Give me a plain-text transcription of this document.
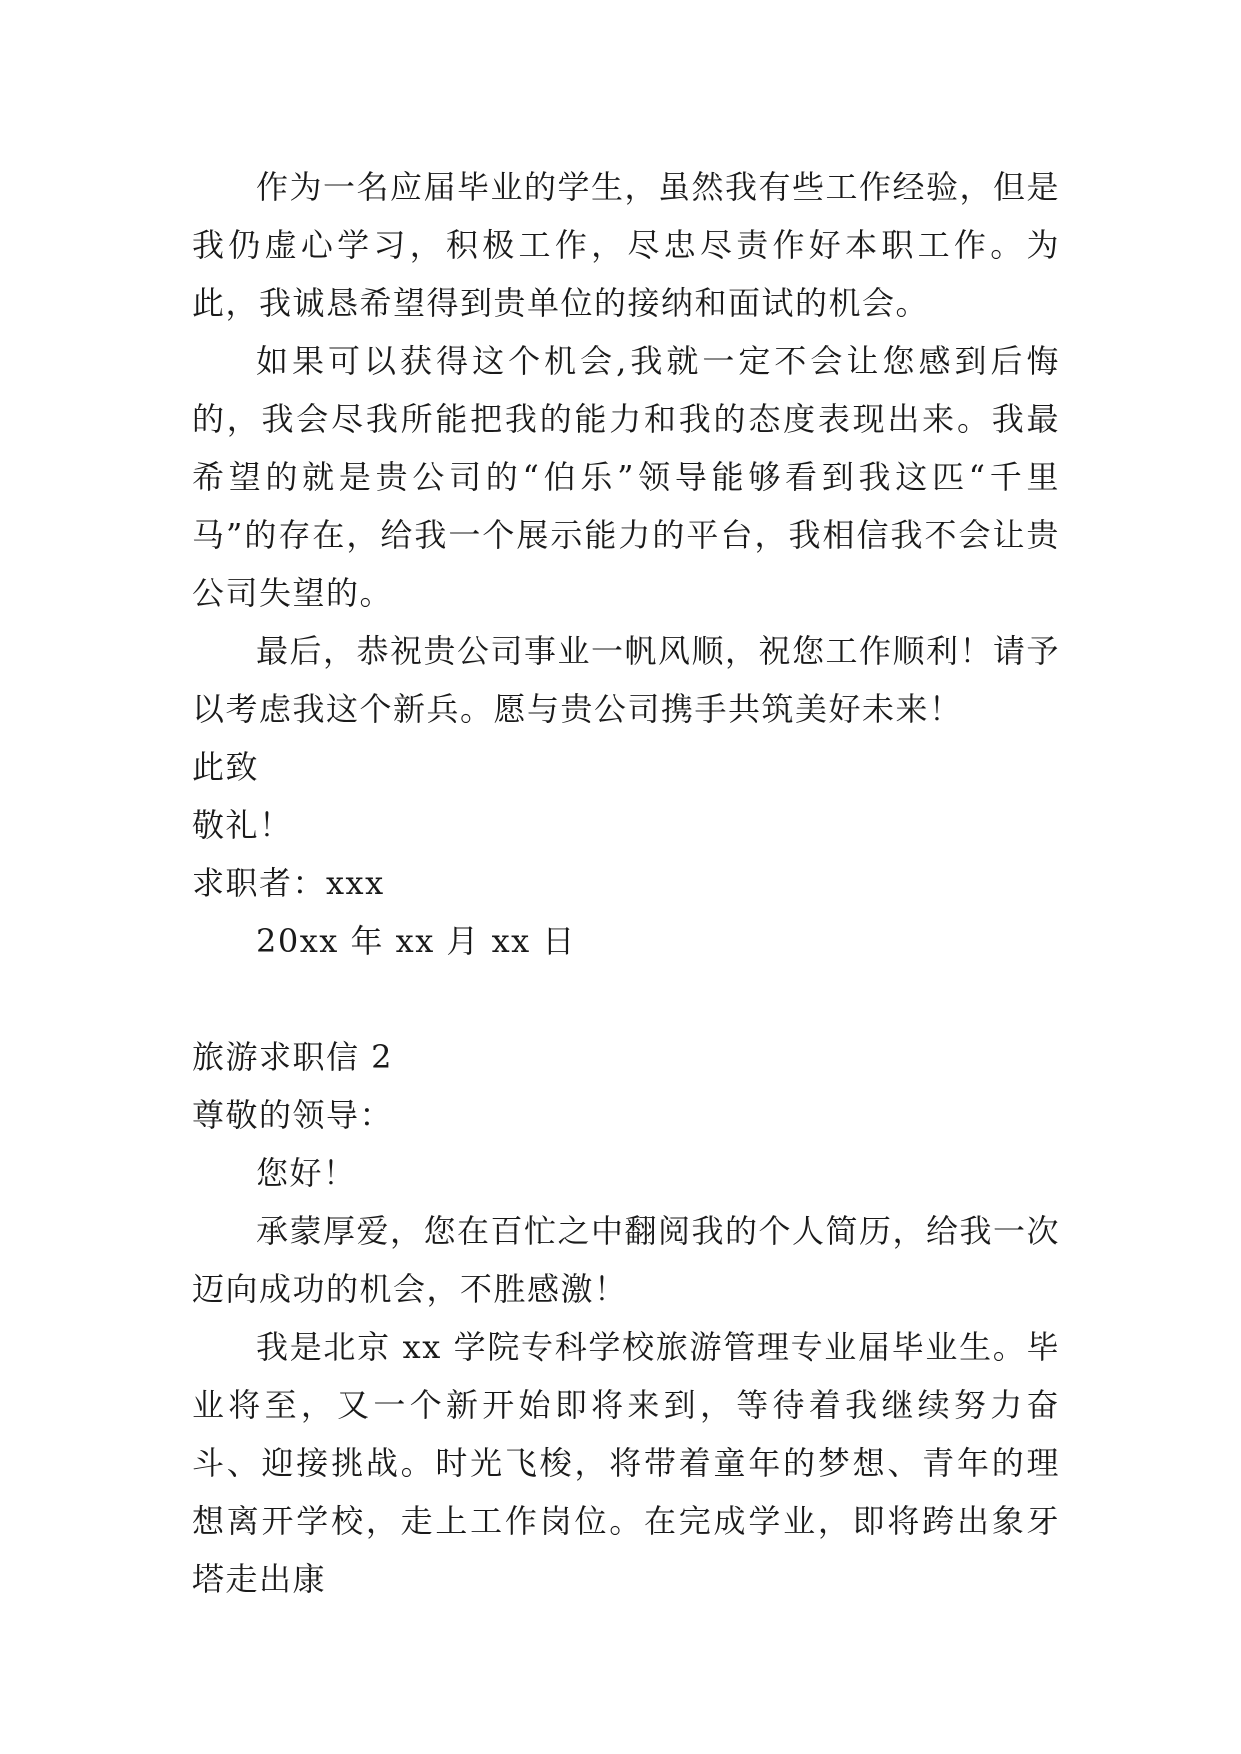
作为一名应届毕业的学生，虽然我有些工作经验，但是我仍虚心学习，积极工作，尽忠尽责作好本职工作。为此，我诚恳希望得到贵单位的接纳和面试的机会。

如果可以获得这个机会,我就一定不会让您感到后悔的，我会尽我所能把我的能力和我的态度表现出来。我最希望的就是贵公司的“伯乐”领导能够看到我这匹“千里马”的存在，给我一个展示能力的平台，我相信我不会让贵公司失望的。

最后，恭祝贵公司事业一帆风顺，祝您工作顺利！请予以考虑我这个新兵。愿与贵公司携手共筑美好未来！

此致

敬礼！

求职者：xxx

20xx 年 xx 月 xx 日

旅游求职信 2

尊敬的领导：

您好！

承蒙厚爱，您在百忙之中翻阅我的个人简历，给我一次迈向成功的机会，不胜感激！

我是北京 xx 学院专科学校旅游管理专业届毕业生。毕业将至，又一个新开始即将来到，等待着我继续努力奋斗、迎接挑战。时光飞梭，将带着童年的梦想、青年的理想离开学校，走上工作岗位。在完成学业，即将跨出象牙塔走出康
